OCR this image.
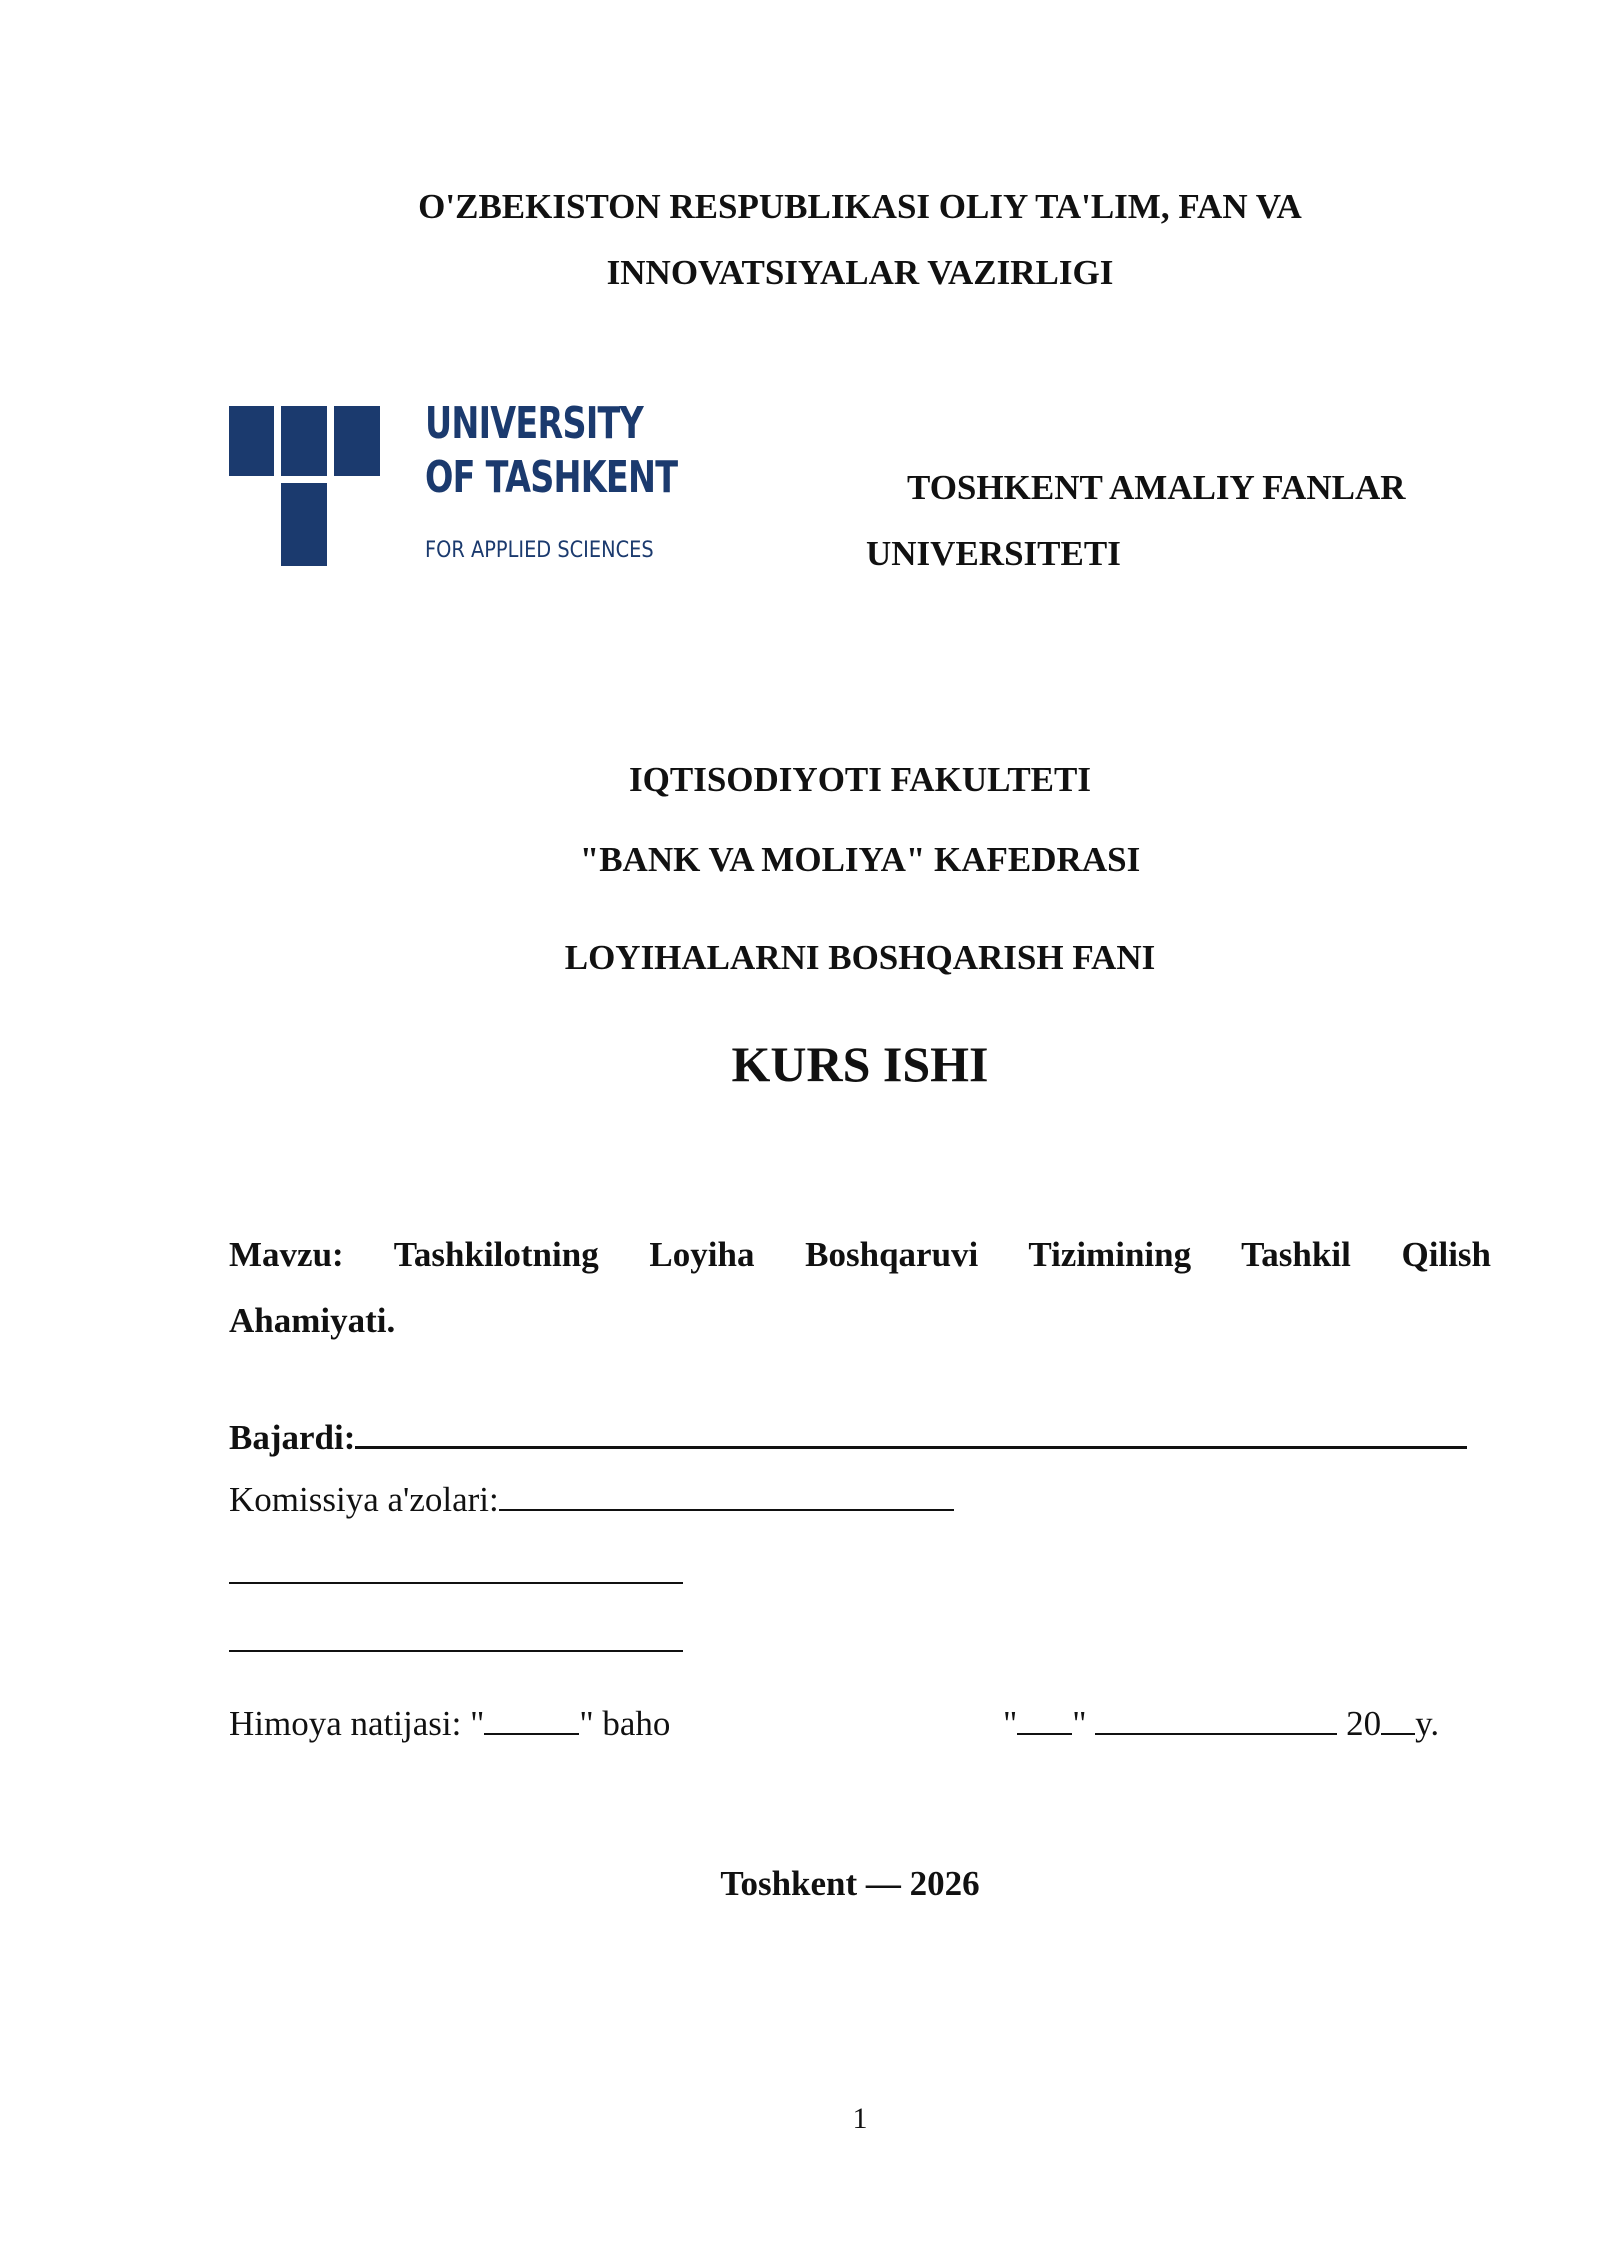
O'ZBEKISTON RESPUBLIKASI OLIY TA'LIM, FAN VA
INNOVATSIYALAR VAZIRLIGI
UNIVERSITY
OF TASHKENT
FOR APPLIED SCIENCES
TOSHKENT AMALIY FANLAR
UNIVERSITETI
IQTISODIYOTI FAKULTETI
"BANK VA MOLIYA" KAFEDRASI
LOYIHALARNI BOSHQARISH FANI
KURS ISHI
Mavzu: Tashkilotning Loyiha Boshqaruvi Tizimining Tashkil Qilish
Ahamiyati.
Bajardi:
Komissiya a'zolari:
Himoya natijasi: "	" baho	" "	20 y.
Toshkent — 2026
1
